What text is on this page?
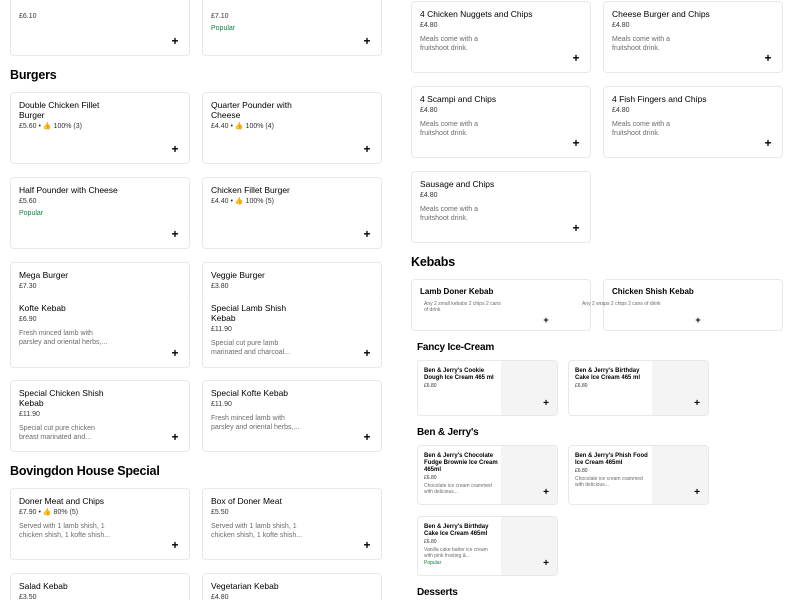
£6.10
+
£7.10
Popular
+
Burgers
Double Chicken Fillet Burger
£5.60 • 👍 100% (3)
+
Quarter Pounder with Cheese
£4.40 • 👍 100% (4)
+
Half Pounder with Cheese
£5.60
Popular
+
Chicken Fillet Burger
£4.40 • 👍 100% (5)
+
Mega Burger
£7.30
Veggie Burger
£3.80
Kofte Kebab
£6.90
Fresh minced lamb with parsley and oriental herbs,...
+
Special Lamb Shish Kebab
£11.90
Special cut pure lamb marinated and charcoal...	+
Special Chicken Shish Kebab
£11.90
Special cut pure chicken breast marinated and...	+
Special Kofte Kebab
£11.90
Fresh minced lamb with parsley and oriental herbs,...
+
Bovingdon House Special
Doner Meat and Chips
£7.90 • 👍 80% (5)
Served with 1 lamb shish, 1 chicken shish, 1 kofte shish...
+
Box of Doner Meat
£5.50
Served with 1 lamb shish, 1 chicken shish, 1 kofte shish...
+
Salad Kebab
£3.50
Vegetarian Kebab
£4.80
4 Chicken Nuggets and Chips
£4.80
Meals come with a fruitshoot drink.
+
Cheese Burger and Chips
£4.80
Meals come with a fruitshoot drink.
+
4 Scampi and Chips
£4.80
Meals come with a fruitshoot drink.
+
4 Fish Fingers and Chips
£4.80
Meals come with a fruitshoot drink.
+
Sausage and Chips
£4.80
Meals come with a fruitshoot drink.
+
Kebabs
Lamb Doner Kebab
Any 2 small kebabs 2 chips 2 cans of drink
+
Chicken Shish Kebab
Any 2 wraps 2 chips 2 cans of drink
+
Fancy Ice-Cream
Ben & Jerry's Cookie Dough Ice Cream 465 ml
£6.80
+
Ben & Jerry's Birthday Cake Ice Cream 465 ml
£6.80
+
Ben & Jerry's
Ben & Jerry's Chocolate Fudge Brownie Ice Cream 465ml
£6.80
Chocolate ice cream crammed with delicious...	+
Ben & Jerry's Phish Food Ice Cream 465ml
£6.80
Chocolate ice cream crammed with delicious...
+
Ben & Jerry's Birthday Cake Ice Cream 465ml
£6.80
Vanilla cake batter ice cream with pink frosting &...
Popular	+
Desserts
